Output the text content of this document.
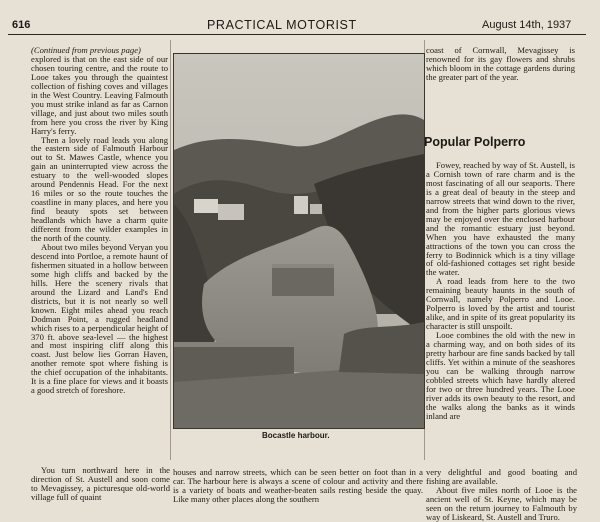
616	PRACTICAL MOTORIST	August 14th, 1937

(Continued from previous page)

explored is that on the east side of our chosen touring centre, and the route to Looe takes you through the quaintest collection of fishing coves and villages in the West Country. Leaving Falmouth you must strike inland as far as Carnon village, and just about two miles south from here you cross the river by King Harry's ferry.

Then a lovely road leads you along the eastern side of Falmouth Harbour out to St. Mawes Castle, whence you gain an uninterrupted view across the estuary to the well-wooded slopes around Pendennis Head. For the next 16 miles or so the route touches the coastline in many places, and here you find beauty spots set between headlands which have a charm quite different from the wilder examples in the north of the county.

About two miles beyond Veryan you descend into Portloe, a remote haunt of fishermen situated in a hollow between some high cliffs and backed by the hills. Here the scenery rivals that around the Lizard and Land's End districts, but it is not nearly so well known. Eight miles ahead you reach Dodman Point, a rugged headland which rises to a perpendicular height of 370 ft. above sea-level — the highest and most inspiring cliff along this coast. Just below lies Gorran Haven, another remote spot where fishing is the chief occupation of the inhabitants. It is a fine place for views and it boasts a good stretch of foreshore.

You turn northward here in the direction of St. Austell and soon come to Mevagissey, a picturesque old-world village full of quaint

Bocastle harbour.

houses and narrow streets, which can be seen better on foot than in a car. The harbour here is always a scene of colour and activity and there is a variety of boats and weather-beaten sails resting beside the quay. Like many other places along the southern

coast of Cornwall, Mevagissey is renowned for its gay flowers and shrubs which bloom in the cottage gardens during the greater part of the year.

Popular Polperro

Fowey, reached by way of St. Austell, is a Cornish town of rare charm and is the most fascinating of all our seaports. There is a great deal of beauty in the steep and narrow streets that wind down to the river, and from the higher parts glorious views may be enjoyed over the enclosed harbour and the romantic estuary just beyond. When you have exhausted the many attractions of the town you can cross the ferry to Bodinnick which is a tiny village of old-fashioned cottages set right beside the water.

A road leads from here to the two remaining beauty haunts in the south of Cornwall, namely Polperro and Looe. Polperro is loved by the artist and tourist alike, and in spite of its great popularity its character is still unspoilt.

Looe combines the old with the new in a charming way, and on both sides of its pretty harbour are fine sands backed by tall cliffs. Yet within a minute of the seashores you can be walking through narrow cobbled streets which have hardly altered for two or three hundred years. The Looe river adds its own beauty to the resort, and the walks along the banks as it winds inland are

very delightful and good boating and fishing are available.

About five miles north of Looe is the ancient well of St. Keyne, which may be seen on the return journey to Falmouth by way of Liskeard, St. Austell and Truro.
